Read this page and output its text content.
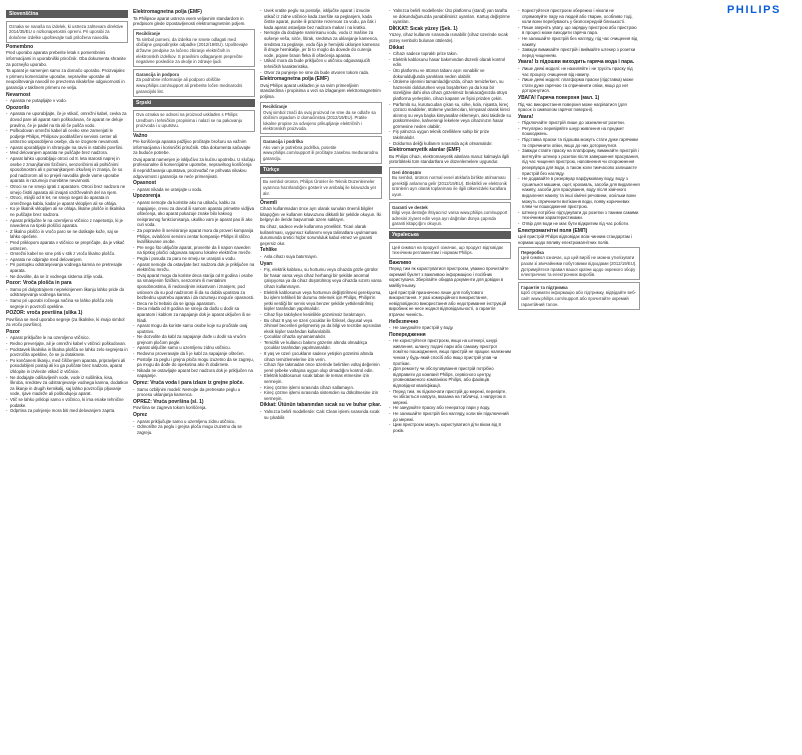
PHILIPS
Slovenščina
Oznaka se nanaša na izdelek, ki ustreza zahtevam direktive 2014/35/EU o nizkonapetostni opremi. Pri uporabi za določene izdelke upoštevajte tudi priložena navodila.
Pomembno

Pred uporabo aparata preberite letak s pomembnimi informacijami in uporabniški priročnik. Oba dokumenta shranite za poznejšo uporabo.

Ta aparat je namenjen samo za domačo uporabo. Proizvajalec v primeru komercialne uporabe, nepravilne uporabe ali neupoštevanja navodil ne prevzema nikakršne odgovornosti in garancija v takšnem primeru ne velja.

Nevarnost

- Aparata ne potapljajte v vodo.

Opozorilo

- Aparata ne uporabljajte, če je vtikač, omrežni kabel, cevka za dovod pare ali aparat sam poškodovan, če aparat ne deluje pravilno, če je padel na tla ali če pušča vodo.

- Poškodovan omrežni kabel ali cevko sme zamenjati le podjetje Philips, Philipsov pooblaščeni servisni center ali ustrezno usposobljeno osebje, da se izognete nevarnosti.

- Aparat uporabljajte in shranjujte na ravni in stabilni površini.

- Med delovanjem aparata ne puščajte brez nadzora.

- Aparat lahko uporabljajo otroci od 8. leta starosti naprej in osebe z zmanjšanimi fizičnimi, senzoričnimi ali psihičnimi sposobnostmi ali s pomanjkanjem izkušenj in znanja, če so pod nadzorom ali so prejeli navodila glede varne uporabe aparata in razumejo morebitne nevarnosti.

- Otroci se ne smejo igrati z aparatom. Otroci brez nadzora ne smejo čistiti aparata ali izvajati vzdrževalnih del na njem.

- Otroci, mlajši od 8 let, ne smejo segati do aparata in omrežnega kabla, kadar je aparat vklopljen ali se ohlaja.

- Ko je likalnik vklopljen ali se ohlaja, likalne plošče in likalnika ne puščajte brez nadzora.

- Aparat priključite le na ozemljeno vtičnico z napetostjo, ki je navedena na tipski ploščici aparata.

- Z likalno ploščo in vročo paro se ne dotikajte kože, saj se lahko opečete.

- Pred priklopom aparata v vtičnico se prepričajte, da je vtikač ustrezen.

- Omrežni kabel ne sme priti v stik z vročo likalno ploščo.

- Aparata ne odpirajte med delovanjem.

- Pri postopku odstranjevanja vodnega kamna ne pretresajte aparata.

- Ne dovolite, da se iz vodnega sistema izlije voda.

Pozor: Vroča plošča in para

- Samo pri dolgotrajnem neprekinjenem likanju lahko pride do odstranjevanja vodnega kamna.

- Samo pri uporabi ročnega načina se lahko plošča zelo segreje in povzroči opekline.

POZOR: vroča površina (slika 1)

Površina se med uporabo segreje (za likalnike, ki imajo simbol za vročo površino).

Pozor

- Aparat priključite le na ozemljeno vtičnico.

- Redno preverjajte, ali je omrežni kabel v vtičnici poškodovan.

- Podstavek likalnika in likalna plošča se lahko zelo segrejeta in povzročita opekline, če se ju dotaknete.

- Po končanem likanju, med čiščenjem aparata, pripravljeni ali posodobljeni postaji ali ko ga puščate brez nadzora, aparat izklopite in izvlecite vtikač iz vtičnice.

- Ne dodajajte odišavljenih vode, vode iz sušilnika, kisa, škroba, sredstev za odstranjevanje vodnega kamna, dodatkov za likanje in drugih kemikalij, saj lahko povzročijo pljuvanje vode, rjave madeže ali poškodujejo aparat.

- Vtič se lahko priklopi samo v vtičnico, ki ima enake tehnične podatke.

- Odprtina za polnjenje mora biti med delovanjem zaprta.

Elektromagnetna polja (EMF)

Ta Philipsov aparat ustreza vsem veljavnim standardom in predpisom glede izpostavljenosti elektromagnetnim poljem.

Recikliranje
Ta simbol pomeni, da izdelka ne smete odlagati med običajne gospodinjske odpadke (2012/19/EU). Upoštevajte državne predpise za ločeno zbiranje električnih in elektronskih izdelkov. S pravilnim odlaganjem preprečite negativne posledice za okolje in zdravje ljudi.
Garancija in podpora
Za podrobne informacije ali podporo obiščite www.philips.com/support ali preberite ločen mednarodni garancijski list.
Srpski
Ova oznaka se odnosi na proizvod usklađen s Philips Uredbom i tehničkim propisima i nalazi se na pakovanju proizvoda i u uputstvu.
Važno

Pre korišćenja aparata pažljivo pročitajte brošuru sa važnim informacijama i korisnički priručnik. Oba dokumenta sačuvajte za buduće potrebe.

Ovaj aparat namenjen je isključivo za kućnu upotrebu. U slučaju profesionalne ili komercijalne upotrebe, nepravilnog korišćenja ili nepridržavanja uputstava, proizvođač ne prihvata nikakvu odgovornost i garancija se neće primenjivati.

Opasnost

- Aparat nikada ne uranjajte u vodu.

Upozorenja

- Aparat nemojte da koristite ako na utikaču, kablu za napajanje, crevu za dovod ili samom aparatu primetite vidljiva oštećenja, ako aparat pokazuje znake bilo kakvog neispravnog funkcionisanja, ukoliko vam je aparat pao ili ako curi voda.

- Za popravke ili servisiranje aparat mora da proveri kompanija Philips, ovlašćeni servisni centar kompanije Philips ili slično kvalifikovane osobe.

- Pre nego što uključite aparat, proverite da li napon naveden na tipskoj pločici odgovara naponu lokalne električne mreže.

- Pegla i posuda za paru ne smeju se uranjati u vodu.

- Aparat nemojte da ostavljate bez nadzora dok je priključen na električnu mrežu.

- Ovaj aparat mogu da koriste deca starija od 8 godina i osobe sa smanjenim fizičkim, senzornim ili mentalnim sposobnostima, ili nedovoljnim iskustvom i znanjem, pod uslovom da su pod nadzorom ili da su dobila uputstva za bezbednu upotrebu aparata i da razumeju moguće opasnosti.

- Deca ne bi trebalo da se igraju aparatom.

- Deca mlađa od 8 godina ne smeju da dođu u dodir sa aparatom i kablom za napajanje dok je aparat uključen ili se hladi.

- Aparat mogu da koriste samo osobe koje su pročitale ovaj uputstvo.

- Ne dozvolite da kabl za napajanje dođe u dodir sa vrućim grejnom pločom pegle.

- Aparat uključite samo u uzemljenu zidnu utičnicu.

- Redovno proveravajte da li je kabl za napajanje oštećen.

- Postolje za peglu i grejna ploča mogu izuzetno da se zagreju, pa mogu da dođe do opekotina ako ih dodirnete.

- Nikada ne ostavljajte aparat bez nadzora dok je priključen na napajanje.

Oprez: Vruća voda i para izlaze iz grejne ploče.

- Samo ozbiljnim modeli: Nemojte da pretresate peglu u procesu uklanjanja kamenca.

OPREZ: Vruća površina (sl. 1)

Površina se zagreva tokom korišćenja.

Oprez

- Aparat priključujte samo u uzemljenu zidnu utičnicu.

- Odmorište za peglu i grejna ploča mogu izuzetno da se zagreju.

- Uvek vratite peglu na postolje, isključite aparat i izvucite utikač iz zidne utičnice kada završite sa peglanjem, kada čistite aparat, punite ili praznite rezervoar za vodu, pa čak i kada aparat ostavljate bez nadzora makar i na kratko.

- Nemojte da dodajete namirisanu vodu, vodu iz mašine za sušenje veša, sirće, štirak, sredstva za uklanjanje kamenca, sredstva za peglanje, vodu čija je hemijski uklonjen kamenac ili druge hemikalije, jer bi to moglo da dovede do curenja vode, pojave braon fleka ili oštećenja aparata.

- Utikač mora da bude priključen u utičnicu odgovarajućih tehničkih karakteristika.

- Otvor za punjenje ne sme da bude otvoren tokom rada.

Elektromagnetna polja (EMF)

Ovaj Philips aparat usklađen je sa svim primenljivim standardima i propisima u vezi sa izlaganjem elektromagnetnim poljima.

Recikliranje
Ovaj simbol znači da ovaj proizvod ne sme da se odlaže sa običnim otpadom iz domaćinstva (2012/19/EU). Pratite lokalne propise za odvojeno prikupljanje električnih i elektronskih proizvoda.
Garancija i podrška
Ako vam je potrebna podrška, posetite www.philips.com/support ili pročitajte zasebnu međunarodnu garanciju.
Türkçe
Bu sembol ürünün, Philips Ürünler ile Teknik Düzenlemeler uyarınca hazırlandığını gösterir ve ambalaj ile kılavuzda yer alır.
Önemli

Cihazı kullanmadan önce ayrı olarak sunulan önemli bilgiler kitapçığını ve kullanım kılavuzunu dikkatli bir şekilde okuyun. İki belgeyi de ileride başvurmak üzere saklayın.

Bu cihaz, sadece evde kullanıma yöneliktir. Ticari olarak kullanılması, uygunsuz kullanımı veya talimatlara uyulmaması durumunda üretici hiçbir sorumluluk kabul etmez ve garanti geçersiz olur.

Tehlike

- Asla cihazı suya batırmayın.

Uyarı

- Fiş, elektrik kablosu, su hortumu veya cihazda gözle görülür bir hasar varsa veya cihaz herhangi bir şekilde anormal çalışıyorsa ya da cihaz düşürülmüş veya cihazda sızıntı varsa cihazı kullanmayın.

- Elektrik kablosunun veya hortumun değiştirilmesi gerekiyorsa, bu işlem tehlikeli bir durumu önlemek için Philips, Philips'in yetki verdiği bir servis veya benzer şekilde yetkilendirilmiş kişiler tarafından yapılmalıdır.

- Cihaz fişe takılıyken kesinlikle gözetimsiz bırakmayın.

- Bu cihaz 8 yaş ve üzeri çocuklar ile fiziksel, duyusal veya zihinsel becerileri gelişmemiş ya da bilgi ve tecrübe açısından eksik kişiler tarafından kullanılabilir.

- Çocuklar cihazla oynamamalıdır.

- Temizlik ve kullanıcı bakımı gözetim altında olmadıkça çocuklar tarafından yapılmamalıdır.

- 8 yaş ve üzeri çocukların sadece yetişkin gözetimi altında cihazı temizlemelerine izin verin.

- Cihazı fişe takmadan önce üzerinde belirtilen voltaj değerinin yerel şebeke voltajına uygun olup olmadığını kontrol edin.

- Elektrik kablosunun sıcak taban ile temas etmesine izin vermeyin.

- Kireç çözme işlemi sırasında cihazı sallamayın.

- Kireç çözme işlemi sırasında sistemden su dökülmesine izin vermeyin.

Dikkat: Ütünün tabanından sıcak su ve buhar çıkar.

- Yalnızca belirli modellerde: Calc Clean işlemi sırasında sıcak su çıkabilir.

- Yalnızca belirli modellerde: Ütü platformu (stand) yan tarafta ve dokunduğunuzda yanabilirsiniz uyarıları. Kartuş değiştirme uyarıları.

DİKKAT: Sıcak yüzey (Şek. 1)

Yüzey, cihaz kullanım sırasında ısınabilir (cihaz üzerinde sıcak yüzey sembolü bulunan ütülerde).

Dikkat

- Cihazı sadece topraklı prize takın.

- Elektrik kablosunu hasar bakımından düzenli olarak kontrol edin.

- Ütü platformu ve ütünün tabanı aşırı ısınabilir ve dokunulduğunda yanıklara neden olabilir.

- Ütüleme işlemini tamamladığınızda, cihazı temizlerken, su haznesini doldururken veya boşaltırken ya da kısa bir süreliğine dahi olsa cihazı gözetimsiz bırakacağınızda ütüyü platforma yerleştirin, cihazı kapatın ve fişini prizden çekin.

- Parfümlü su, kurutucudan çıkan su, sirke, kola, nişasta, kireç çözücü maddeler, ütüleme yardımcıları, kimyasal olarak kireci alınmış su veya başka kimyasallar eklemeyin, aksi takdirde su püskürmesine, kahverengi lekelere veya cihazınızın hasar görmesine neden olabilir.

- Fiş yalnızca uygun teknik özelliklere sahip bir prize takılmalıdır.

- Doldurma deliği kullanım sırasında açık olmamalıdır.

Elektromanyetik alanlar (EMF)

Bu Philips cihazı, elektromanyetik alanlara maruz kalmayla ilgili yürürlükteki tüm standartlara ve düzenlemelere uygundur.

Geri dönüşüm
Bu sembol, ürünün normal evsel atıklarla birlikte atılmaması gerektiği anlamına gelir (2012/19/EU). Elektrikli ve elektronik ürünlerin ayrı olarak toplanması ile ilgili ülkenizdeki kurallara uyun.
Garanti ve destek
Bilgi veya desteğe ihtiyacınız varsa www.philips.com/support adresini ziyaret edin veya ayrı dağıtılan dünya çapında garanti kitapçığını okuyun.
Українська
Цей символ на продукті означає, що продукт відповідає технічним регламентам і нормам Philips.
Важливо

Перед тим як користуватися пристроєм, уважно прочитайте окремий буклет з важливою інформацією і посібник користувача. Зберігайте обидва документи для довідки в майбутньому.

Цей пристрій призначено лише для побутового використання. У разі комерційного використання, невідповідного використання або недотримання інструкцій виробник не несе жодної відповідальності, а гарантія втрачає чинність.

Небезпечно

- Не занурюйте пристрій у воду.

Попередження

- Не користуйтеся пристроєм, якщо на штекері, шнурі живлення, шлангу подачі пари або самому пристрої помітно пошкодження, якщо пристрій не працює належним чином у будь-який спосіб або якщо пристрій упав чи протікає.

- Для ремонту чи обслуговування пристрій потрібно відправити до компанії Philips, сервісного центру, уповноваженого компанією Philips, або фахівців відповідної кваліфікації.

- Перед тим, як підключати пристрій до мережі, перевірте, чи збігається напруга, вказана на табличці, з напругою в мережі.

- Не занурюйте праску або генератор пари у воду.

- Не залишайте пристрій без нагляду, коли він підключений до мережі.

- Цим пристроєм можуть користуватися діти віком від 8 років.

- Користуйтеся пристроєм обережно і ніколи не спрямовуйте пару на людей або тварин, особливо тоді, коли вони перебувають у безпосередній близькості.

- Пише зверніть увагу, що зарядку пристрою або пристрою в процесі може виходити гаряча пара.

- Не залишайте пристрій без нагляду, під час очищення від накипу.

- Завжди вимикайте пристрій і виймайте штекер з розетки перед чищенням.

Увага! Із підошви виходить гаряча вода і пара.

- Лише деякі моделі: не нахиляйте і не трусіть праску під час процесу очищення від накипу.

- Лише деякі моделі: платформа праски (підставка) може стати дуже гарячою та спричинити опіки, якщо до неї доторкнутися.

УВАГА! Гаряча поверхня (мал. 1)

Під час використання поверхня може нагріватися (для прасок із символом гарячої поверхні).

Увага!

- Підключайте пристрій лише до заземленої розетки.

- Регулярно перевіряйте шнур живлення на предмет пошкоджень.

- Підставка праски та підошва можуть стати дуже гарячими та спричинити опіки, якщо до них доторкнутися.

- Завжди ставте праску на платформу, вимикайте пристрій і витягуйте штекер з розетки після завершення прасування, під час чищення пристрою, наповнення чи спорожнення резервуара для води, а також коли тимчасово залишаєте пристрій без нагляду.

- Не додавайте в резервуар парфумовану воду, воду з сушильної машини, оцет, крохмаль, засоби для видалення накипу, засоби для прасування, воду після хімічного видалення накипу та інші хімічні речовини, оскільки вони можуть спричинити витікання води, появу коричневих плям чи пошкодження пристрою.

- Штекер потрібно під'єднувати до розетки з такими самими технічними характеристиками.

- Отвір для води не має бути відкритим під час роботи.

Електромагнітні поля (ЕМП)

Цей пристрій Philips відповідає всім чинним стандартам і нормам щодо впливу електромагнітних полів.

Переробка
Цей символ означає, що цей виріб не можна утилізувати разом зі звичайними побутовими відходами (2012/19/EU). Дотримуйтеся правил вашої країни щодо окремого збору електричних та електронних виробів.
Гарантія та підтримка
Щоб отримати інформацію або підтримку, відвідайте веб-сайт www.philips.com/support або прочитайте окремий гарантійний талон.
